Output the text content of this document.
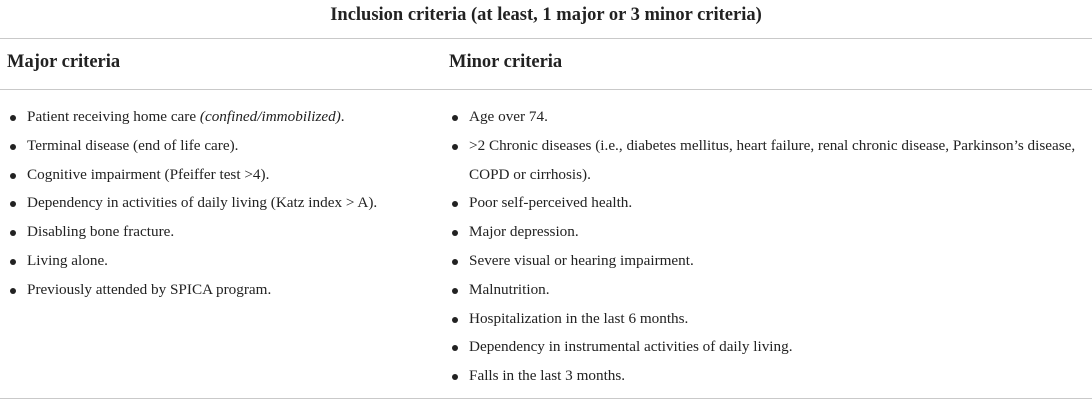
Inclusion criteria (at least, 1 major or 3 minor criteria)
Major criteria	Minor criteria
Patient receiving home care (confined/immobilized).
Terminal disease (end of life care).
Cognitive impairment (Pfeiffer test >4).
Dependency in activities of daily living (Katz index > A).
Disabling bone fracture.
Living alone.
Previously attended by SPICA program.
Age over 74.
>2 Chronic diseases (i.e., diabetes mellitus, heart failure, renal chronic disease, Parkinson’s disease,
COPD or cirrhosis).
Poor self-perceived health.
Major depression.
Severe visual or hearing impairment.
Malnutrition.
Hospitalization in the last 6 months.
Dependency in instrumental activities of daily living.
Falls in the last 3 months.
